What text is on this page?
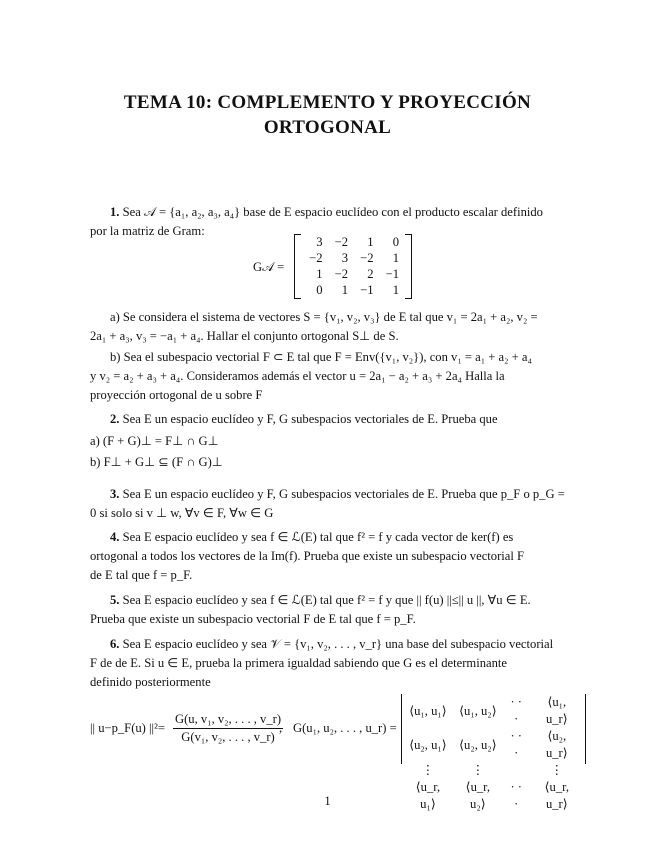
TEMA 10: COMPLEMENTO Y PROYECCIÓN
ORTOGONAL
1. Sea 𝒜 = {a₁, a₂, a₃, a₄} base de E espacio euclídeo con el producto escalar definido
por la matriz de Gram:
G𝒜 =
3	−2	1	0
−2	3	−2	1
1	−2	2	−1
0	1	−1	1
a) Se considera el sistema de vectores S = {v₁, v₂, v₃} de E tal que v₁ = 2a₁ + a₂, v₂ =
2a₁ + a₃, v₃ = −a₁ + a₄. Hallar el conjunto ortogonal S⊥ de S.
b) Sea el subespacio vectorial F ⊂ E tal que F = Env({v₁, v₂}), con v₁ = a₁ + a₂ + a₄
y v₂ = a₂ + a₃ + a₄. Consideramos además el vector u = 2a₁ − a₂ + a₃ + 2a₄ Halla la
proyección ortogonal de u sobre F
2. Sea E un espacio euclídeo y F, G subespacios vectoriales de E. Prueba que
a) (F + G)⊥ = F⊥ ∩ G⊥
b) F⊥ + G⊥ ⊆ (F ∩ G)⊥
3. Sea E un espacio euclídeo y F, G subespacios vectoriales de E. Prueba que p_F o p_G =
0 si solo si v ⊥ w, ∀v ∈ F, ∀w ∈ G
4. Sea E espacio euclídeo y sea f ∈ ℒ(E) tal que f² = f y cada vector de ker(f) es
ortogonal a todos los vectores de la Im(f). Prueba que existe un subespacio vectorial F
de E tal que f = p_F.
5. Sea E espacio euclídeo y sea f ∈ ℒ(E) tal que f² = f y que || f(u) ||≤|| u ||, ∀u ∈ E.
Prueba que existe un subespacio vectorial F de E tal que f = p_F.
6. Sea E espacio euclídeo y sea 𝒱 = {v₁, v₂, . . . , v_r} una base del subespacio vectorial
F de de E. Si u ∈ E, prueba la primera igualdad sabiendo que G es el determinante
definido posteriormente
|| u−p_F(u) $||^2= \frac{\text{G(u, v₁, v₂, . . . , v\_r)}}{\text{G(v₁, v₂, . . . , v\_r)}}$
, G(u₁, u₂, . . . , u_r) =
⟨u₁, u₁⟩	⟨u₁, u₂⟩	· · ·	⟨u₁, u_r⟩
⟨u₂, u₁⟩	⟨u₂, u₂⟩	· · ·	⟨u₂, u_r⟩
⋮	⋮		⋮
⟨u_r, u₁⟩	⟨u_r, u₂⟩	· · ·	⟨u_r, u_r⟩
1
